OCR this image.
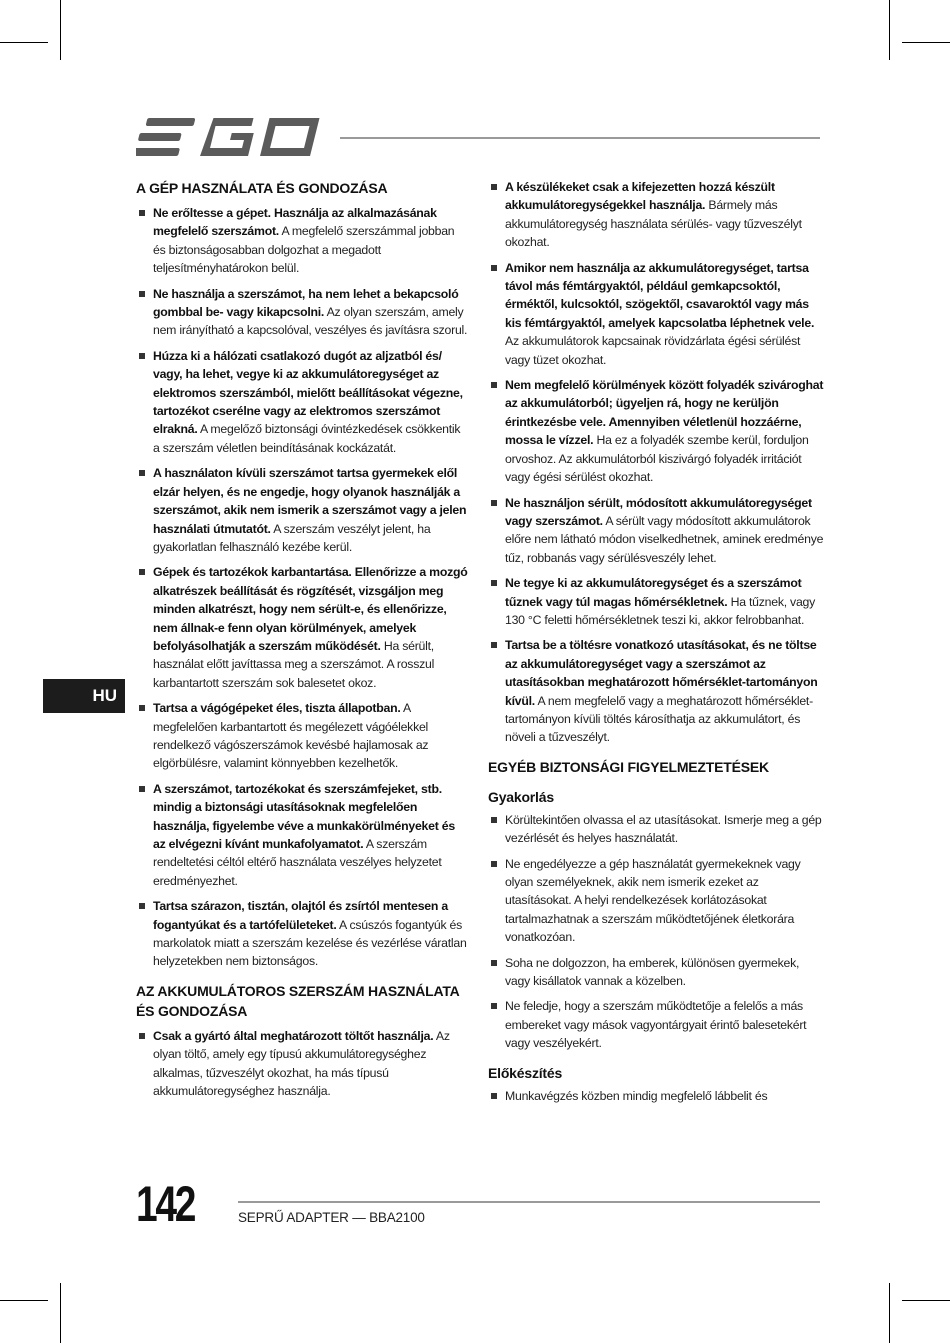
A GÉP HASZNÁLATA ÉS GONDOZÁSA
Ne erőltesse a gépet. Használja az alkalmazásának megfelelő szerszámot. A megfelelő szerszámmal jobban és biztonságosabban dolgozhat a megadott teljesítményhatárokon belül.
Ne használja a szerszámot, ha nem lehet a bekapcsoló gombbal be- vagy kikapcsolni. Az olyan szerszám, amely nem irányítható a kapcsolóval, veszélyes és javításra szorul.
Húzza ki a hálózati csatlakozó dugót az aljzatból és/ vagy, ha lehet, vegye ki az akkumulátoregységet az elektromos szerszámból, mielőtt beállításokat végezne, tartozékot cserélne vagy az elektromos szerszámot elrakná. A megelőző biztonsági óvintézkedések csökkentik a szerszám véletlen beindításának kockázatát.
A használaton kívüli szerszámot tartsa gyermekek elől elzár helyen, és ne engedje, hogy olyanok használják a szerszámot, akik nem ismerik a szerszámot vagy a jelen használati útmutatót. A szerszám veszélyt jelent, ha gyakorlatlan felhasználó kezébe kerül.
Gépek és tartozékok karbantartása. Ellenőrizze a mozgó alkatrészek beállítását és rögzítését, vizsgáljon meg minden alkatrészt, hogy nem sérült-e, és ellenőrizze, nem állnak-e fenn olyan körülmények, amelyek befolyásolhatják a szerszám működését. Ha sérült, használat előtt javíttassa meg a szerszámot. A rosszul karbantartott szerszám sok balesetet okoz.
Tartsa a vágógépeket éles, tiszta állapotban. A megfelelően karbantartott és megélezett vágóélekkel rendelkező vágószerszámok kevésbé hajlamosak az elgörbülésre, valamint könnyebben kezelhetők.
A szerszámot, tartozékokat és szerszámfejeket, stb. mindig a biztonsági utasításoknak megfelelően használja, figyelembe véve a munkakörülményeket és az elvégezni kívánt munkafolyamatot. A szerszám rendeltetési céltól eltérő használata veszélyes helyzetet eredményezhet.
Tartsa szárazon, tisztán, olajtól és zsírtól mentesen a fogantyúkat és a tartófelületeket. A csúszós fogantyúk és markolatok miatt a szerszám kezelése és vezérlése váratlan helyzetekben nem biztonságos.
AZ AKKUMULÁTOROS SZERSZÁM HASZNÁLATA ÉS GONDOZÁSA
Csak a gyártó által meghatározott töltőt használja. Az olyan töltő, amely egy típusú akkumulátoregységhez alkalmas, tűzveszélyt okozhat, ha más típusú akkumulátoregységhez használja.
A készülékeket csak a kifejezetten hozzá készült akkumulátoregységekkel használja. Bármely más akkumulátoregység használata sérülés- vagy tűzveszélyt okozhat.
Amikor nem használja az akkumulátoregységet, tartsa távol más fémtárgyaktól, például gemkapcsoktól, érméktől, kulcsoktól, szögektől, csavaroktól vagy más kis fémtárgyaktól, amelyek kapcsolatba léphetnek vele. Az akkumulátorok kapcsainak rövidzárlata égési sérülést vagy tüzet okozhat.
Nem megfelelő körülmények között folyadék szivároghat az akkumulátorból; ügyeljen rá, hogy ne kerüljön érintkezésbe vele. Amennyiben véletlenül hozzáérne, mossa le vízzel. Ha ez a folyadék szembe kerül, forduljon orvoshoz. Az akkumulátorból kiszivárgó folyadék irritációt vagy égési sérülést okozhat.
Ne használjon sérült, módosított akkumulátoregységet vagy szerszámot. A sérült vagy módosított akkumulátorok előre nem látható módon viselkedhetnek, aminek eredménye tűz, robbanás vagy sérülésveszély lehet.
Ne tegye ki az akkumulátoregységet és a szerszámot tűznek vagy túl magas hőmérsékletnek. Ha tűznek, vagy 130 °C feletti hőmérsékletnek teszi ki, akkor felrobbanhat.
Tartsa be a töltésre vonatkozó utasításokat, és ne töltse az akkumulátoregységet vagy a szerszámot az utasításokban meghatározott hőmérséklet-tartományon kívül. A nem megfelelő vagy a meghatározott hőmérséklet-tartományon kívüli töltés károsíthatja az akkumulátort, és növeli a tűzveszélyt.
EGYÉB BIZTONSÁGI FIGYELMEZTETÉSEK
Gyakorlás
Körültekintően olvassa el az utasításokat. Ismerje meg a gép vezérlését és helyes használatát.
Ne engedélyezze a gép használatát gyermekeknek vagy olyan személyeknek, akik nem ismerik ezeket az utasításokat. A helyi rendelkezések korlátozásokat tartalmazhatnak a szerszám működtetőjének életkorára vonatkozóan.
Soha ne dolgozzon, ha emberek, különösen gyermekek, vagy kisállatok vannak a közelben.
Ne feledje, hogy a szerszám működtetője a felelős a más embereket vagy mások vagyontárgyait érintő balesetekért vagy veszélyekért.
Előkészítés
Munkavégzés közben mindig megfelelő lábbelit és
HU
142	SEPRŰ ADAPTER — BBA2100
